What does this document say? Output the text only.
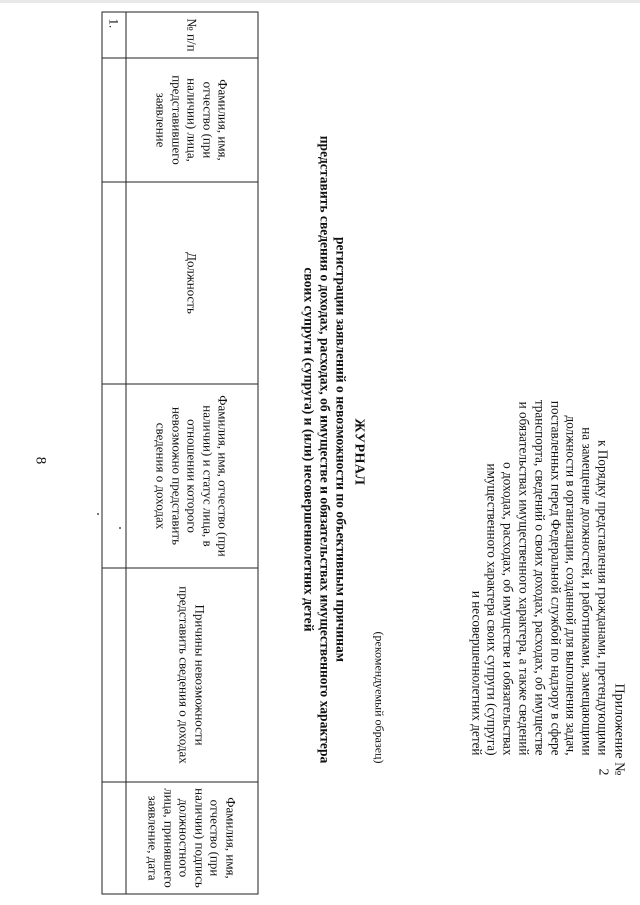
8
Приложение № 2

к Порядку представления гражданами, претендующими

на замещение должностей, и работниками, замещающими

должности в организации, созданной для выполнения задач,

поставленных перед Федеральной службой по надзору в сфере

транспорта, сведений о своих доходах, расходах, об имуществе

и обязательствах имущественного характера, а также сведений

о доходах, расходах, об имуществе и обязательствах

имущественного характера своих супруги (супруга)

и несовершеннолетних детей

(рекомендуемый образец)
ЖУРНАЛ

регистрации заявлений о невозможности по объективным причинам

представить сведения о доходах, расходах, об имуществе и обязательствах имущественного характера

своих супруги (супруга) и (или) несовершеннолетних детей

№ п/п	Фамилия, имя, отчество (при наличии) лица, представившего заявление	Должность	Фамилия, имя, отчество (при наличии) и статус лица, в отношении которого невозможно представить сведения о доходах	Причины невозможности представить сведения о доходах	Фамилия, имя, отчество (при наличии) подпись должностного лица, принявшего заявление, дата
1.					
